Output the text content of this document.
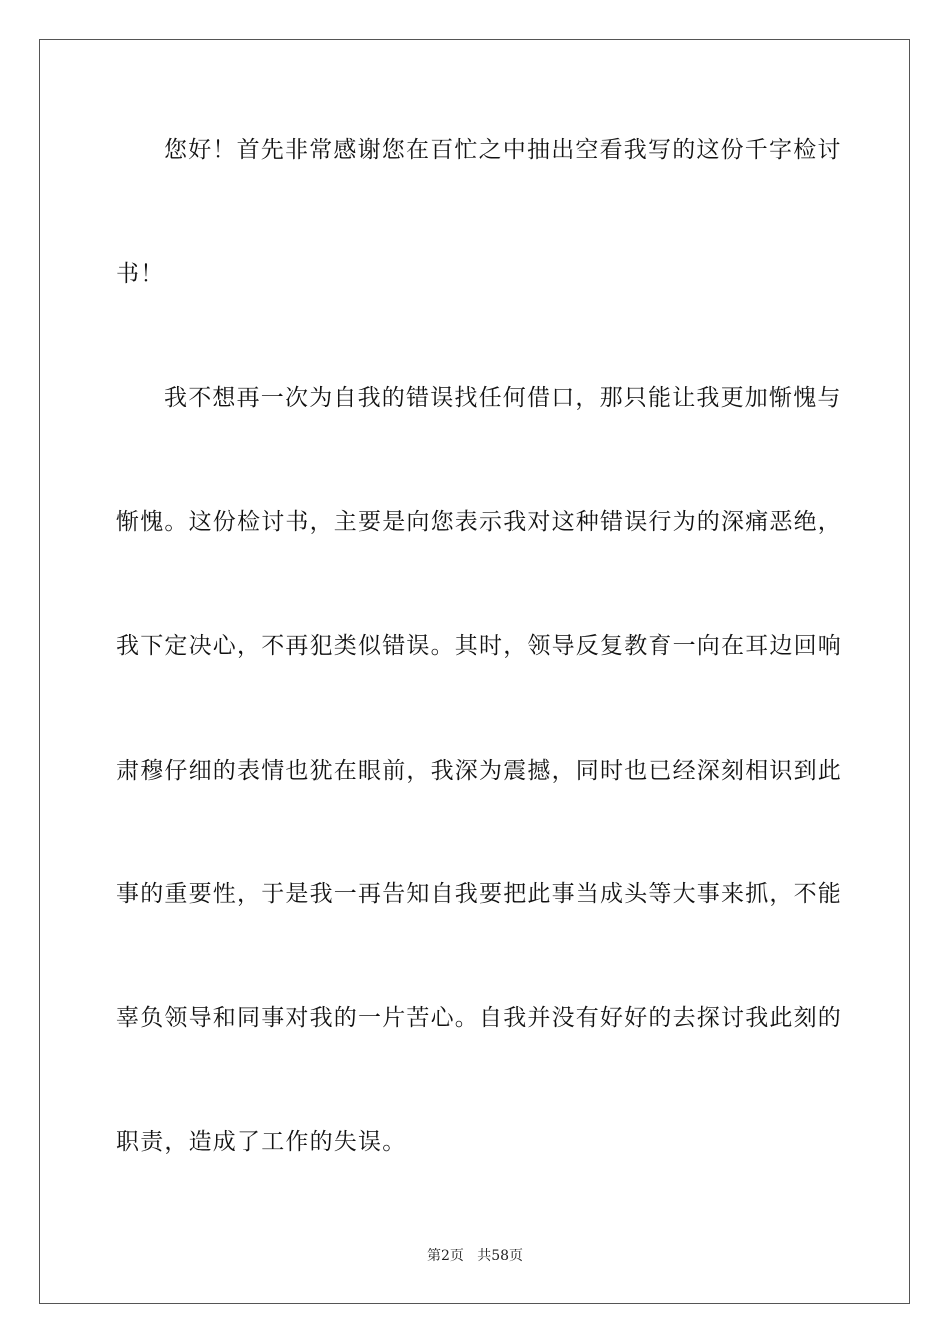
您好！首先非常感谢您在百忙之中抽出空看我写的这份千字检讨
书！
我不想再一次为自我的错误找任何借口，那只能让我更加惭愧与
惭愧。这份检讨书，主要是向您表示我对这种错误行为的深痛恶绝，
我下定决心，不再犯类似错误。其时，领导反复教育一向在耳边回响
肃穆仔细的表情也犹在眼前，我深为震撼，同时也已经深刻相识到此
事的重要性，于是我一再告知自我要把此事当成头等大事来抓，不能
辜负领导和同事对我的一片苦心。自我并没有好好的去探讨我此刻的
职责，造成了工作的失误。
第2页   共58页
